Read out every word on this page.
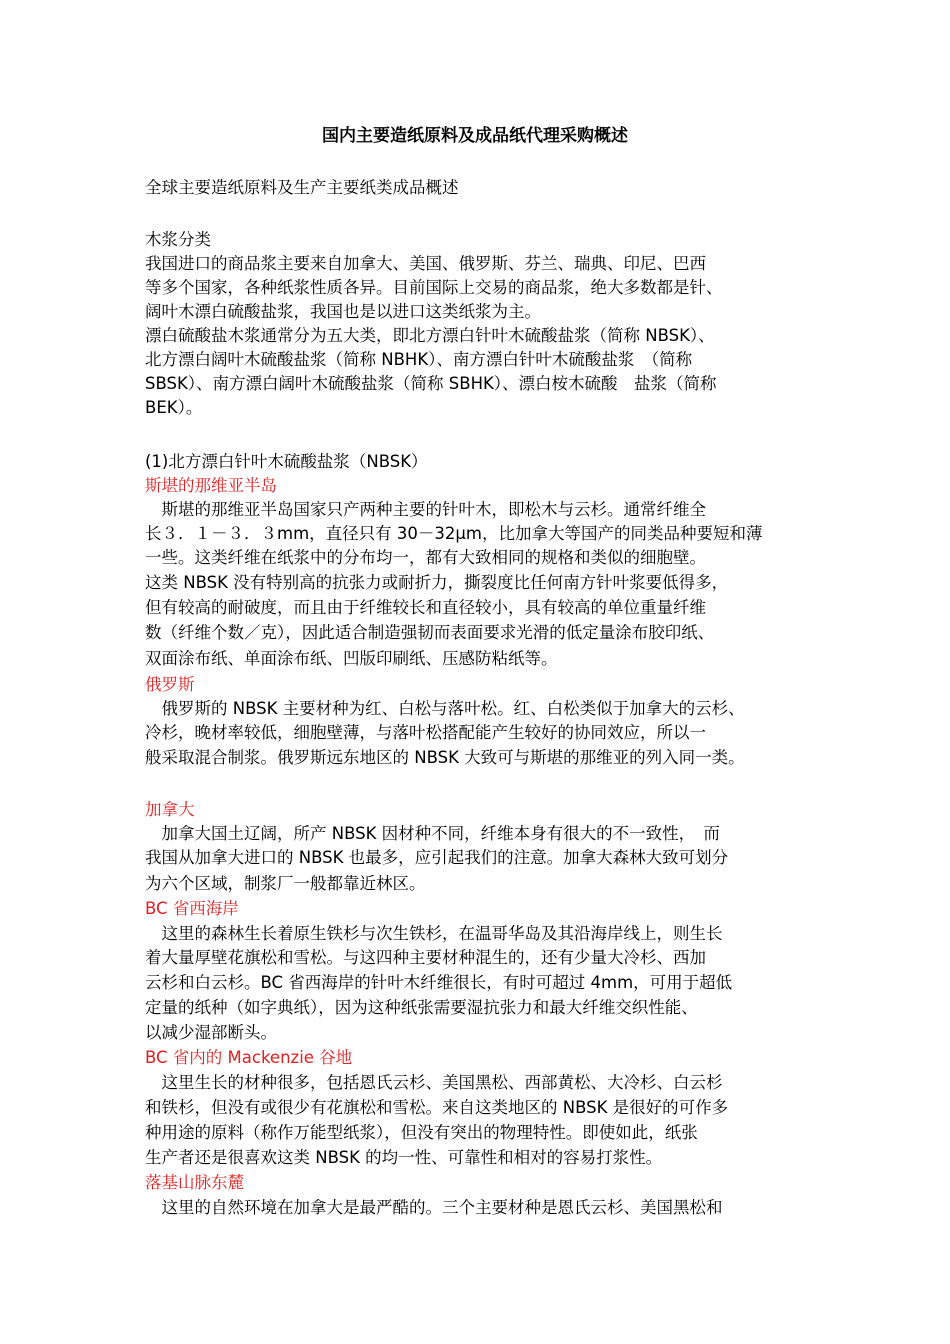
国内主要造纸原料及成品纸代理采购概述
全球主要造纸原料及生产主要纸类成品概述
木浆分类
我国进口的商品浆主要来自加拿大、美国、俄罗斯、芬兰、瑞典、印尼、巴西
等多个国家，各种纸浆性质各异。目前国际上交易的商品浆，绝大多数都是针、
阔叶木漂白硫酸盐浆，我国也是以进口这类纸浆为主。
漂白硫酸盐木浆通常分为五大类，即北方漂白针叶木硫酸盐浆（简称 NBSK）、
北方漂白阔叶木硫酸盐浆（简称 NBHK）、南方漂白针叶木硫酸盐浆　（简称
SBSK）、南方漂白阔叶木硫酸盐浆（简称 SBHK）、漂白桉木硫酸　盐浆（简称
BEK）。
(1)北方漂白针叶木硫酸盐浆（NBSK）
斯堪的那维亚半岛
　斯堪的那维亚半岛国家只产两种主要的针叶木，即松木与云杉。通常纤维全
长３．１－３．３mm，直径只有 30－32μm，比加拿大等国产的同类品种要短和薄
一些。这类纤维在纸浆中的分布均一，都有大致相同的规格和类似的细胞壁。
这类 NBSK 没有特别高的抗张力或耐折力，撕裂度比任何南方针叶浆要低得多，
但有较高的耐破度，而且由于纤维较长和直径较小，具有较高的单位重量纤维
数（纤维个数／克），因此适合制造强韧而表面要求光滑的低定量涂布胶印纸、
双面涂布纸、单面涂布纸、凹版印刷纸、压感防粘纸等。
俄罗斯
　俄罗斯的 NBSK 主要材种为红、白松与落叶松。红、白松类似于加拿大的云杉、
冷杉，晚材率较低，细胞壁薄，与落叶松搭配能产生较好的协同效应，所以一
般采取混合制浆。俄罗斯远东地区的 NBSK 大致可与斯堪的那维亚的列入同一类。
加拿大
　加拿大国土辽阔，所产 NBSK 因材种不同，纤维本身有很大的不一致性，　而
我国从加拿大进口的 NBSK 也最多，应引起我们的注意。加拿大森林大致可划分
为六个区域，制浆厂一般都靠近林区。
BC 省西海岸
　这里的森林生长着原生铁杉与次生铁杉，在温哥华岛及其沿海岸线上，则生长
着大量厚壁花旗松和雪松。与这四种主要材种混生的，还有少量大冷杉、西加
云杉和白云杉。BC 省西海岸的针叶木纤维很长，有时可超过 4mm，可用于超低
定量的纸种（如字典纸），因为这种纸张需要湿抗张力和最大纤维交织性能、
以减少湿部断头。
BC 省内的 Mackenzie 谷地
　这里生长的材种很多，包括恩氏云杉、美国黑松、西部黄松、大冷杉、白云杉
和铁杉，但没有或很少有花旗松和雪松。来自这类地区的 NBSK 是很好的可作多
种用途的原料（称作万能型纸浆），但没有突出的物理特性。即使如此，纸张
生产者还是很喜欢这类 NBSK 的均一性、可靠性和相对的容易打浆性。
落基山脉东麓
　这里的自然环境在加拿大是最严酷的。三个主要材种是恩氏云杉、美国黑松和
